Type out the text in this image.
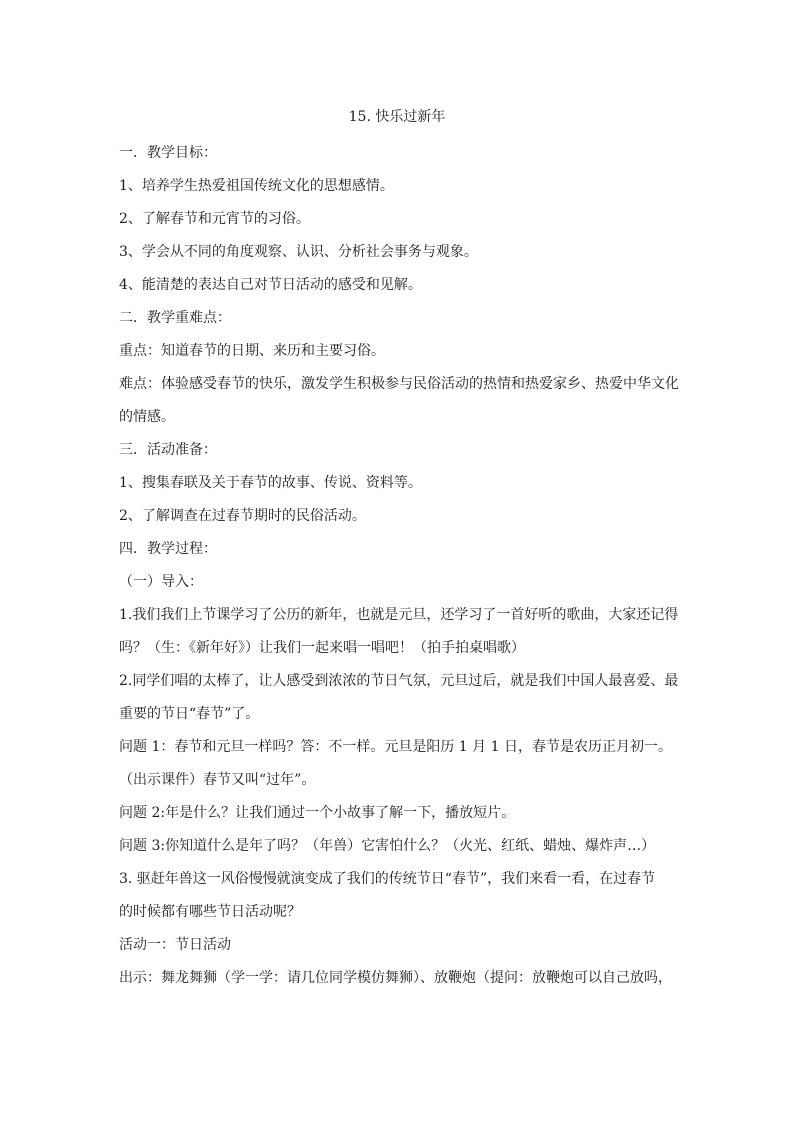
15. 快乐过新年

一．教学目标：

1、培养学生热爱祖国传统文化的思想感情。

2、了解春节和元宵节的习俗。

3、学会从不同的角度观察、认识、分析社会事务与观象。

4、能清楚的表达自己对节日活动的感受和见解。

二．教学重难点：

重点：知道春节的日期、来历和主要习俗。

难点：体验感受春节的快乐，激发学生积极参与民俗活动的热情和热爱家乡、热爱中华文化

的情感。

三．活动准备：

1、搜集春联及关于春节的故事、传说、资料等。

2、了解调查在过春节期时的民俗活动。

四．教学过程：

（一）导入：

1.我们我们上节课学习了公历的新年，也就是元旦，还学习了一首好听的歌曲，大家还记得

吗？（生：《新年好》）让我们一起来唱一唱吧！（拍手拍桌唱歌）

2.同学们唱的太棒了，让人感受到浓浓的节日气氛，元旦过后，就是我们中国人最喜爱、最

重要的节日“春节”了。

问题 1：春节和元旦一样吗？答：不一样。元旦是阳历 1 月 1 日，春节是农历正月初一。

（出示课件）春节又叫“过年”。

问题 2:年是什么？让我们通过一个小故事了解一下，播放短片。

问题 3:你知道什么是年了吗？（年兽）它害怕什么？（火光、红纸、蜡烛、爆炸声…）

3. 驱赶年兽这一风俗慢慢就演变成了我们的传统节日“春节”，我们来看一看，在过春节

的时候都有哪些节日活动呢？

活动一：节日活动

出示：舞龙舞狮（学一学：请几位同学模仿舞狮）、放鞭炮（提问：放鞭炮可以自己放吗，
